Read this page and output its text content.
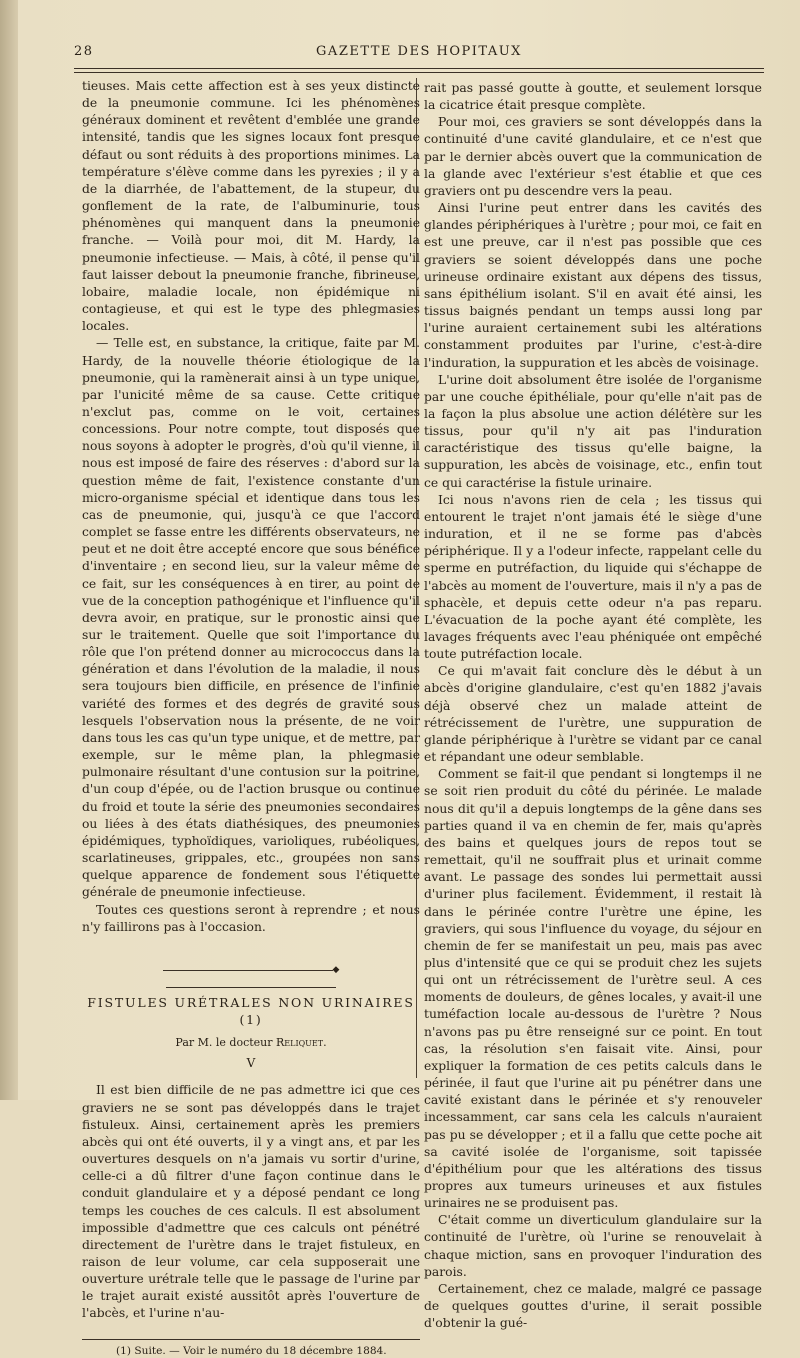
28	GAZETTE DES HOPITAUX

tieuses. Mais cette affection est à ses yeux distincte de la pneumonie commune. Ici les phénomènes généraux dominent et revêtent d'emblée une grande intensité, tandis que les signes locaux font presque défaut ou sont réduits à des proportions minimes. La température s'élève comme dans les pyrexies ; il y a de la diarrhée, de l'abattement, de la stupeur, du gonflement de la rate, de l'albuminurie, tous phénomènes qui manquent dans la pneumonie franche. — Voilà pour moi, dit M. Hardy, la pneumonie infectieuse. — Mais, à côté, il pense qu'il faut laisser debout la pneumonie franche, fibrineuse, lobaire, maladie locale, non épidémique ni contagieuse, et qui est le type des phlegmasies locales.

— Telle est, en substance, la critique, faite par M. Hardy, de la nouvelle théorie étiologique de la pneumonie, qui la ramènerait ainsi à un type unique, par l'unicité même de sa cause. Cette critique n'exclut pas, comme on le voit, certaines concessions. Pour notre compte, tout disposés que nous soyons à adopter le progrès, d'où qu'il vienne, il nous est imposé de faire des réserves : d'abord sur la question même de fait, l'existence constante d'un micro-organisme spécial et identique dans tous les cas de pneumonie, qui, jusqu'à ce que l'accord complet se fasse entre les différents observateurs, ne peut et ne doit être accepté encore que sous bénéfice d'inventaire ; en second lieu, sur la valeur même de ce fait, sur les conséquences à en tirer, au point de vue de la conception pathogénique et l'influence qu'il devra avoir, en pratique, sur le pronostic ainsi que sur le traitement. Quelle que soit l'importance du rôle que l'on prétend donner au micrococcus dans la génération et dans l'évolution de la maladie, il nous sera toujours bien difficile, en présence de l'infinie variété des formes et des degrés de gravité sous lesquels l'observation nous la présente, de ne voir dans tous les cas qu'un type unique, et de mettre, par exemple, sur le même plan, la phlegmasie pulmonaire résultant d'une contusion sur la poitrine, d'un coup d'épée, ou de l'action brusque ou continue du froid et toute la série des pneumonies secondaires ou liées à des états diathésiques, des pneumonies épidémiques, typhoïdiques, varioliques, rubéoliques, scarlatineuses, grippales, etc., groupées non sans quelque apparence de fondement sous l'étiquette générale de pneumonie infectieuse.

Toutes ces questions seront à reprendre ; et nous n'y faillirons pas à l'occasion.

◆
FISTULES URÉTRALES NON URINAIRES (1)
Par M. le docteur Reliquet.
V

Il est bien difficile de ne pas admettre ici que ces graviers ne se sont pas développés dans le trajet fistuleux. Ainsi, certainement après les premiers abcès qui ont été ouverts, il y a vingt ans, et par les ouvertures desquels on n'a jamais vu sortir d'urine, celle-ci a dû filtrer d'une façon continue dans le conduit glandulaire et y a déposé pendant ce long temps les couches de ces calculs. Il est absolument impossible d'admettre que ces calculs ont pénétré directement de l'urètre dans le trajet fistuleux, en raison de leur volume, car cela supposerait une ouverture urétrale telle que le passage de l'urine par le trajet aurait existé aussitôt après l'ouverture de l'abcès, et l'urine n'au-

(1) Suite. — Voir le numéro du 18 décembre 1884.

rait pas passé goutte à goutte, et seulement lorsque la cicatrice était presque complète.

Pour moi, ces graviers se sont développés dans la continuité d'une cavité glandulaire, et ce n'est que par le dernier abcès ouvert que la communication de la glande avec l'extérieur s'est établie et que ces graviers ont pu descendre vers la peau.

Ainsi l'urine peut entrer dans les cavités des glandes périphériques à l'urètre ; pour moi, ce fait en est une preuve, car il n'est pas possible que ces graviers se soient développés dans une poche urineuse ordinaire existant aux dépens des tissus, sans épithélium isolant. S'il en avait été ainsi, les tissus baignés pendant un temps aussi long par l'urine auraient certainement subi les altérations constamment produites par l'urine, c'est-à-dire l'induration, la suppuration et les abcès de voisinage.

L'urine doit absolument être isolée de l'organisme par une couche épithéliale, pour qu'elle n'ait pas de la façon la plus absolue une action délétère sur les tissus, pour qu'il n'y ait pas l'induration caractéristique des tissus qu'elle baigne, la suppuration, les abcès de voisinage, etc., enfin tout ce qui caractérise la fistule urinaire.

Ici nous n'avons rien de cela ; les tissus qui entourent le trajet n'ont jamais été le siège d'une induration, et il ne se forme pas d'abcès périphérique. Il y a l'odeur infecte, rappelant celle du sperme en putréfaction, du liquide qui s'échappe de l'abcès au moment de l'ouverture, mais il n'y a pas de sphacèle, et depuis cette odeur n'a pas reparu. L'évacuation de la poche ayant été complète, les lavages fréquents avec l'eau phéniquée ont empêché toute putréfaction locale.

Ce qui m'avait fait conclure dès le début à un abcès d'origine glandulaire, c'est qu'en 1882 j'avais déjà observé chez un malade atteint de rétrécissement de l'urètre, une suppuration de glande périphérique à l'urètre se vidant par ce canal et répandant une odeur semblable.

Comment se fait-il que pendant si longtemps il ne se soit rien produit du côté du périnée. Le malade nous dit qu'il a depuis longtemps de la gêne dans ses parties quand il va en chemin de fer, mais qu'après des bains et quelques jours de repos tout se remettait, qu'il ne souffrait plus et urinait comme avant. Le passage des sondes lui permettait aussi d'uriner plus facilement. Évidemment, il restait là dans le périnée contre l'urètre une épine, les graviers, qui sous l'influence du voyage, du séjour en chemin de fer se manifestait un peu, mais pas avec plus d'intensité que ce qui se produit chez les sujets qui ont un rétrécissement de l'urètre seul. A ces moments de douleurs, de gênes locales, y avait-il une tuméfaction locale au-dessous de l'urètre ? Nous n'avons pas pu être renseigné sur ce point. En tout cas, la résolution s'en faisait vite. Ainsi, pour expliquer la formation de ces petits calculs dans le périnée, il faut que l'urine ait pu pénétrer dans une cavité existant dans le périnée et s'y renouveler incessamment, car sans cela les calculs n'auraient pas pu se développer ; et il a fallu que cette poche ait sa cavité isolée de l'organisme, soit tapissée d'épithélium pour que les altérations des tissus propres aux tumeurs urineuses et aux fistules urinaires ne se produisent pas.

C'était comme un diverticulum glandulaire sur la continuité de l'urètre, où l'urine se renouvelait à chaque miction, sans en provoquer l'induration des parois.

Certainement, chez ce malade, malgré ce passage de quelques gouttes d'urine, il serait possible d'obtenir la gué-
